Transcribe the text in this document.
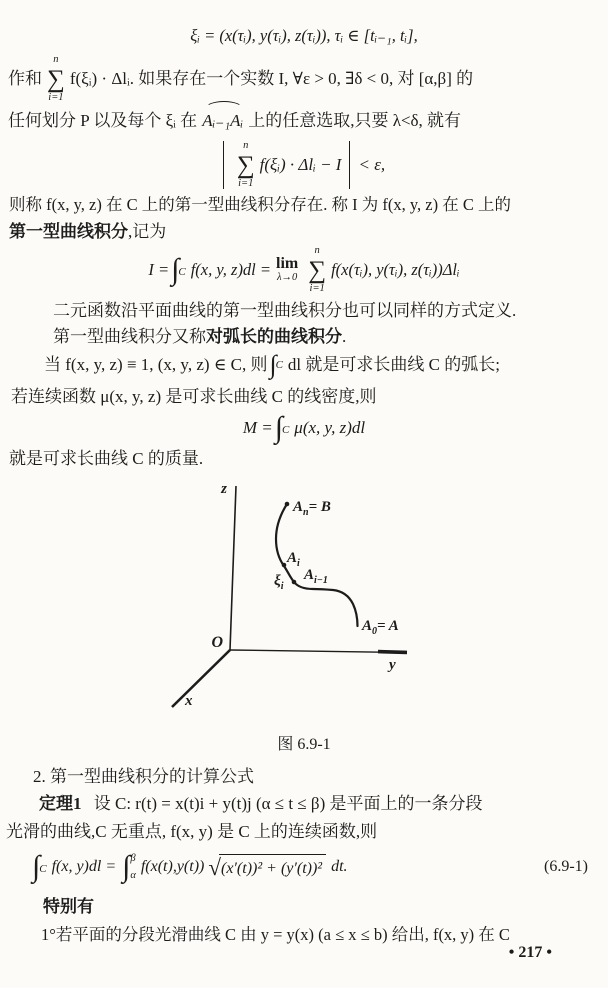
ξᵢ = (x(τᵢ), y(τᵢ), z(τᵢ)), τᵢ ∈ [tᵢ₋₁, tᵢ],
作和
n
∑
i=1
f(ξᵢ) · Δlᵢ. 如果存在一个实数 I, ∀ε > 0, ∃δ < 0, 对 [α,β] 的
任何划分 P 以及每个 ξᵢ 在 Aᵢ₋₁Aᵢ 上的任意选取,只要 λ<δ, 就有
n
∑
i=1
f(ξᵢ) · Δlᵢ − I < ε,
则称 f(x, y, z) 在 C 上的第一型曲线积分存在. 称 I 为 f(x, y, z) 在 C 上的
第一型曲线积分,记为
I = ∫ C f(x, y, z)dl = lim
λ→0
n
∑
i=1
f(x(τᵢ), y(τᵢ), z(τᵢ))Δlᵢ
二元函数沿平面曲线的第一型曲线积分也可以同样的方式定义.
第一型曲线积分又称对弧长的曲线积分.
当 f(x, y, z) ≡ 1, (x, y, z) ∈ C, 则 ∫ C dl 就是可求长曲线 C 的弧长;
若连续函数 μ(x, y, z) 是可求长曲线 C 的线密度,则
M = ∫ C μ(x, y, z)dl
就是可求长曲线 C 的质量.
z
O
y
x
$A_n= B$
$A_i$
$A_{i-1}$
$\xi_i$
$A_0= A$
图 6.9-1
2. 第一型曲线积分的计算公式
定理1 设 C: r(t) = x(t)i + y(t)j (α ≤ t ≤ β) 是平面上的一条分段
光滑的曲线,C 无重点, f(x, y) 是 C 上的连续函数,则
∫ C f(x, y)dl = ∫ β
α f(x(t),y(t)) √ (x′(t))² + (y′(t))² dt.	(6.9-1)
特别有
1°若平面的分段光滑曲线 C 由 y = y(x) (a ≤ x ≤ b) 给出, f(x, y) 在 C
• 217 •
